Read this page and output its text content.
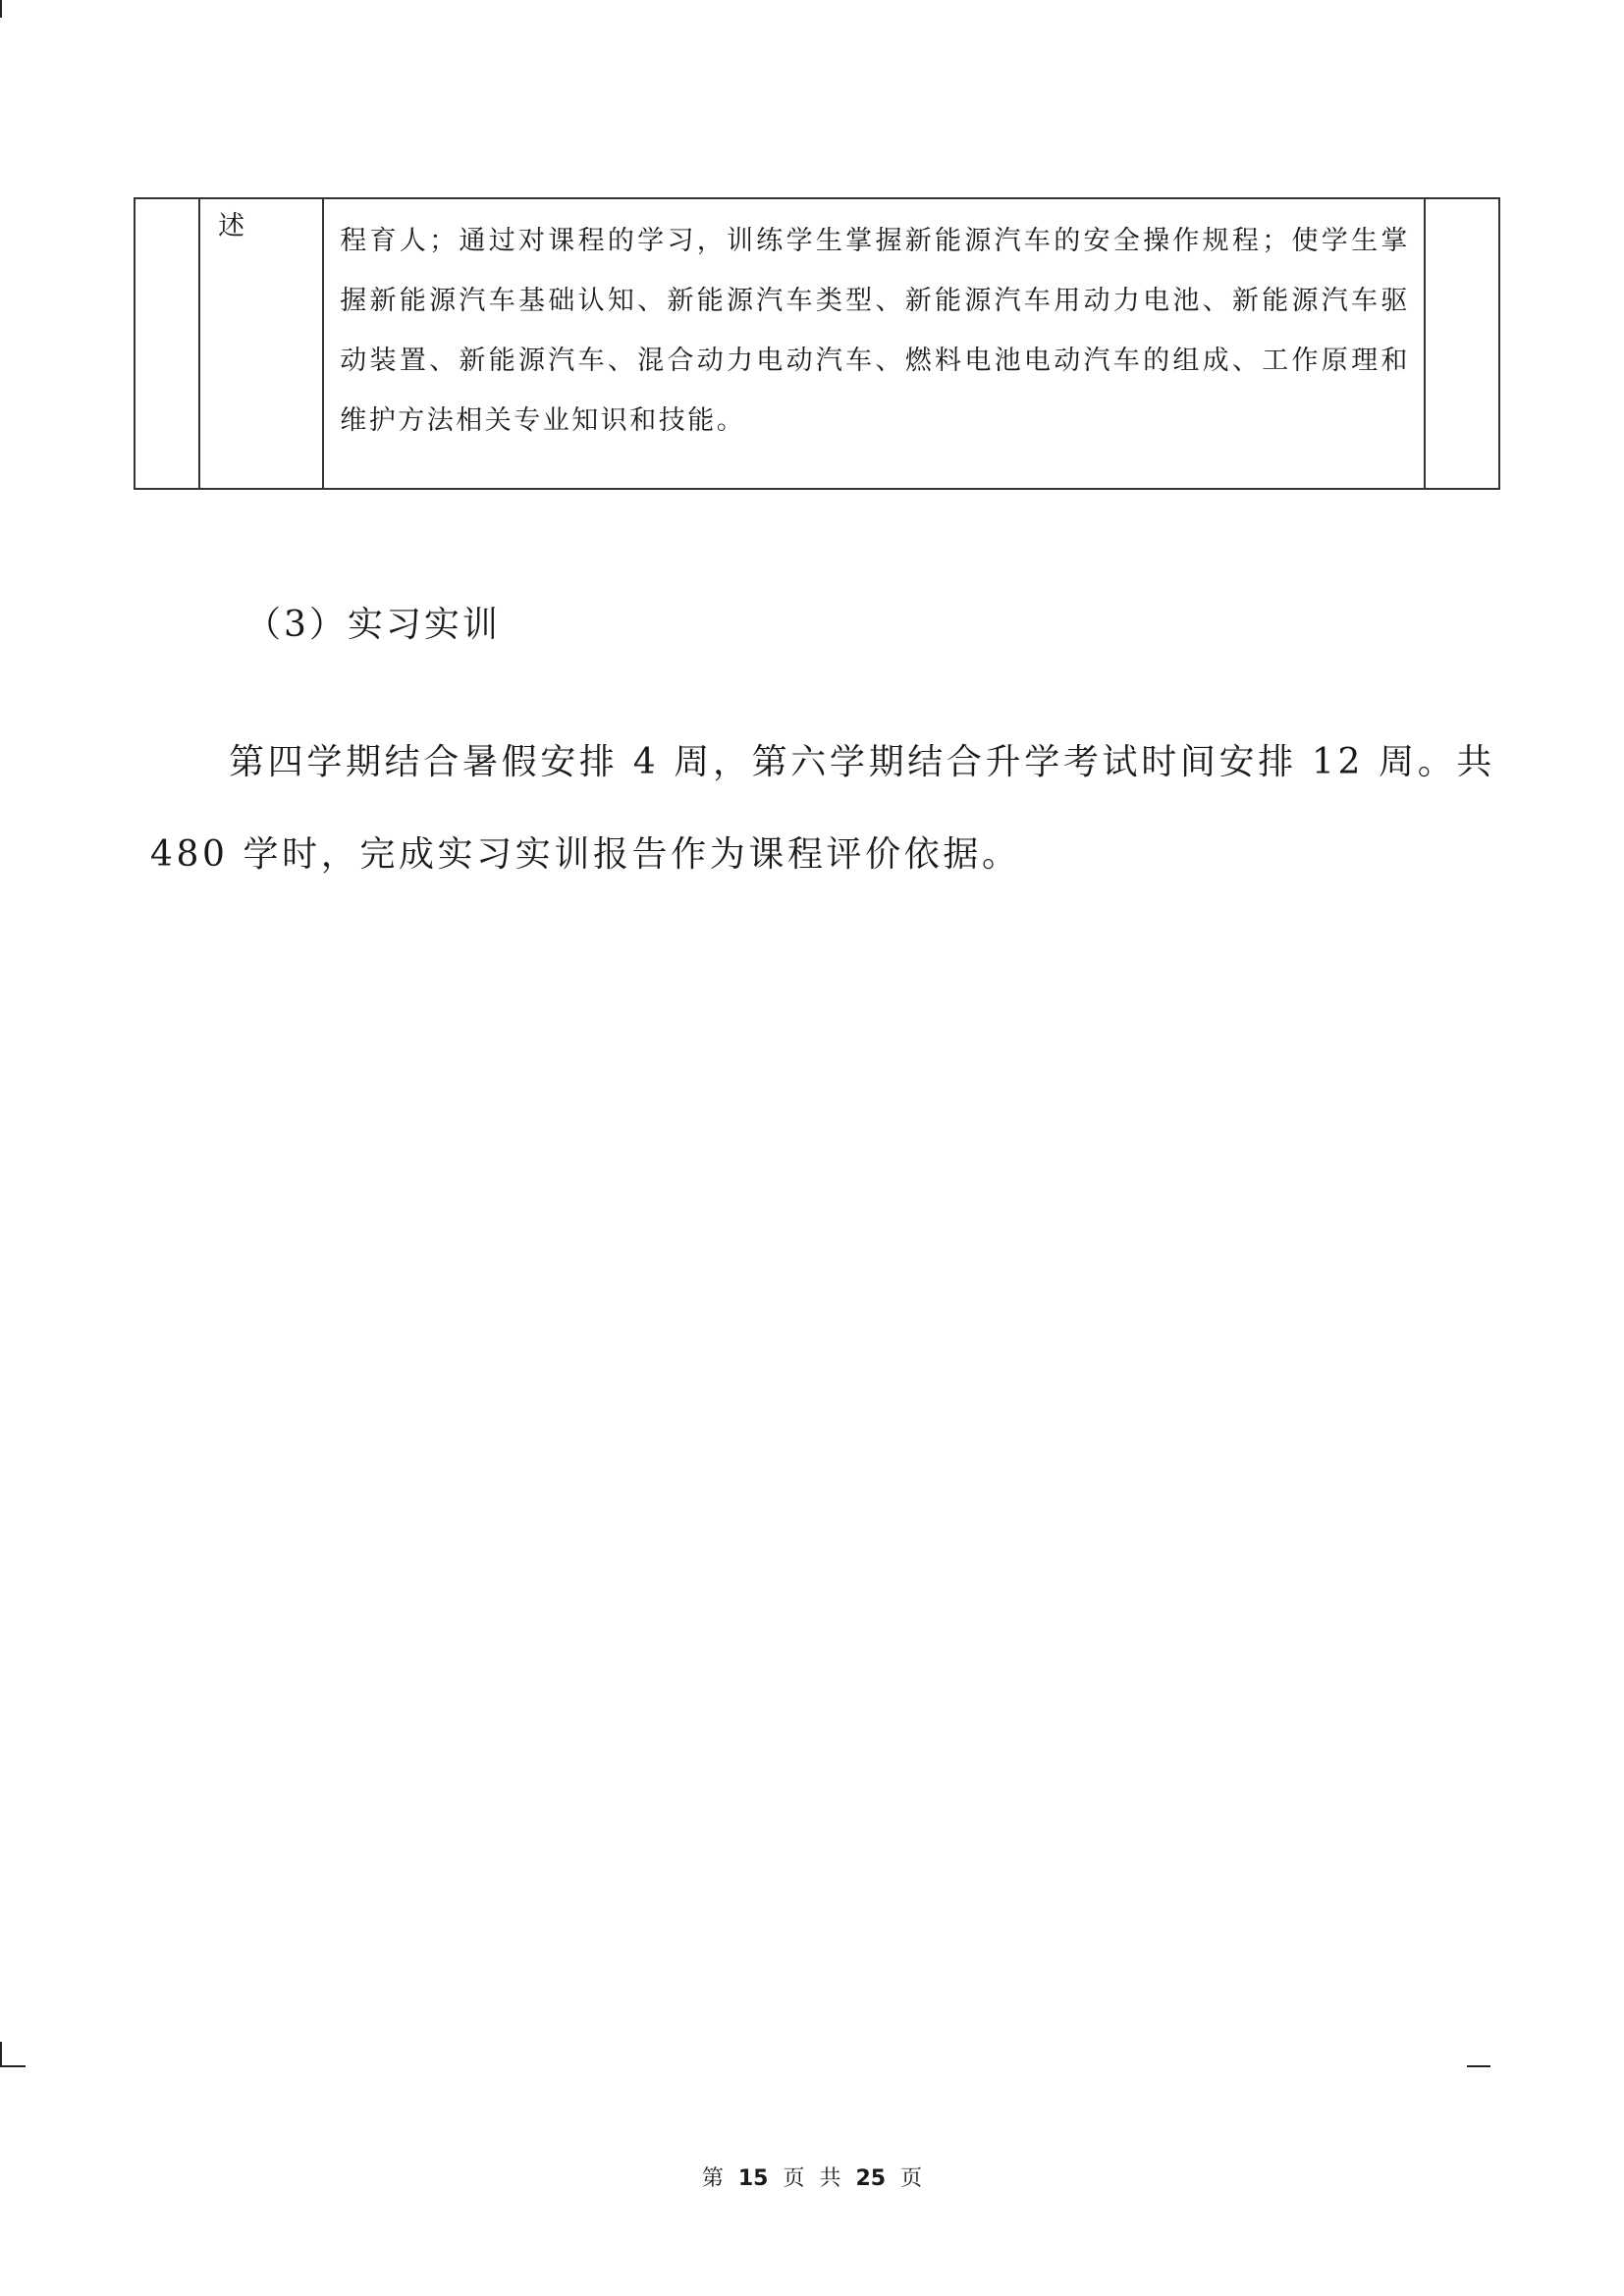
	述	程育人；通过对课程的学习，训练学生掌握新能源汽车的安全操作规程；使学生掌握新能源汽车基础认知、新能源汽车类型、新能源汽车用动力电池、新能源汽车驱动装置、新能源汽车、混合动力电动汽车、燃料电池电动汽车的组成、工作原理和维护方法相关专业知识和技能。	
（3）实习实训

第四学期结合暑假安排 4 周，第六学期结合升学考试时间安排 12 周。共 480 学时，完成实习实训报告作为课程评价依据。

第 15 页 共 25 页
